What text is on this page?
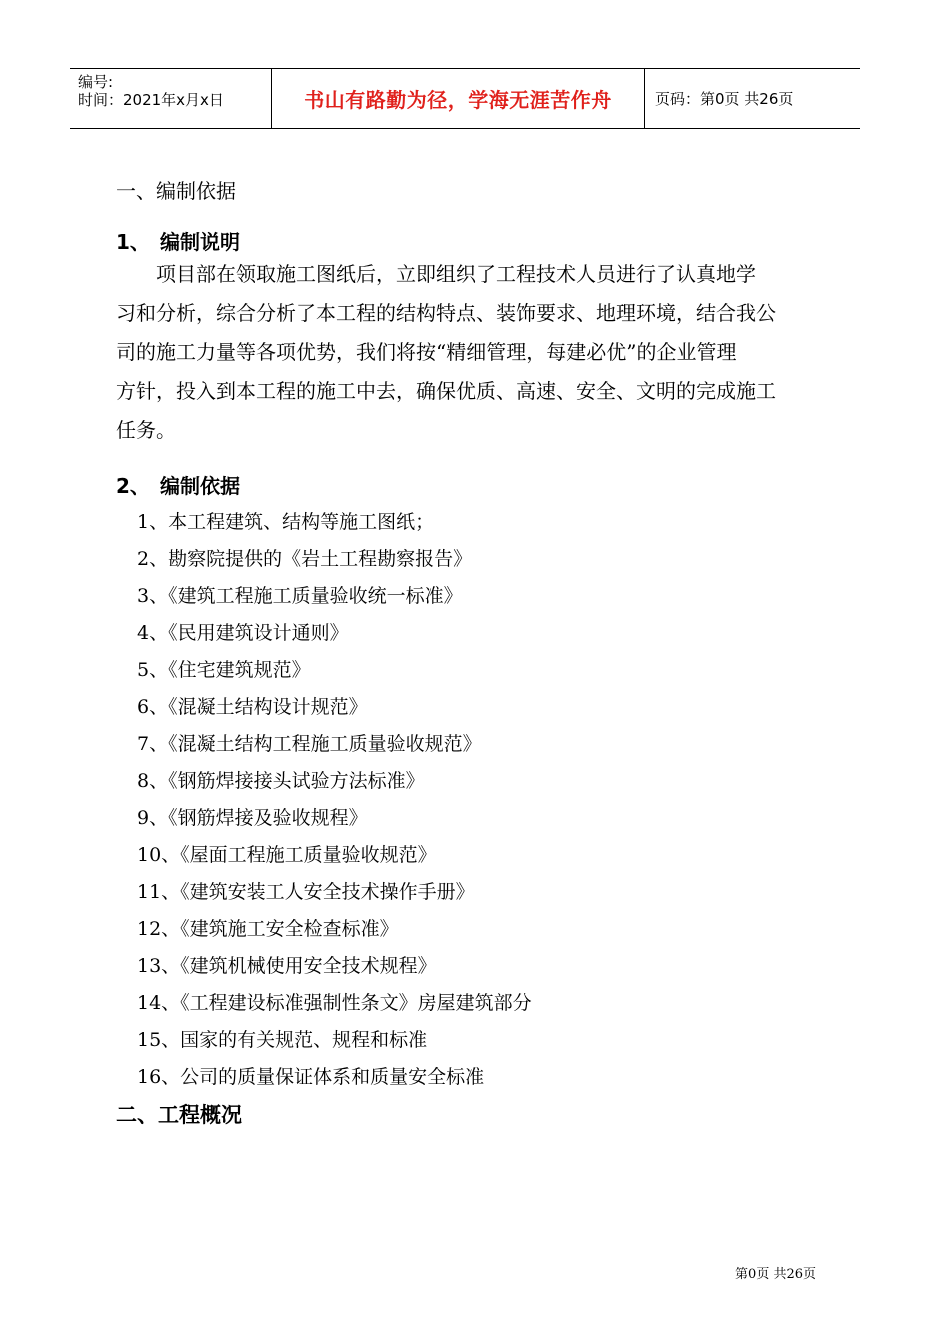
编号:
时间：2021年x月x日	书山有路勤为径，学海无涯苦作舟	页码：第0页 共26页
一、编制依据
1、 编制说明

　　项目部在领取施工图纸后，立即组织了工程技术人员进行了认真地学

习和分析，综合分析了本工程的结构特点、装饰要求、地理环境，结合我公

司的施工力量等各项优势，我们将按“精细管理，每建必优”的企业管理

方针，投入到本工程的施工中去，确保优质、高速、安全、文明的完成施工

任务。

2、 编制依据
1、本工程建筑、结构等施工图纸；
2、勘察院提供的《岩土工程勘察报告》
3、《建筑工程施工质量验收统一标准》
4、《民用建筑设计通则》
5、《住宅建筑规范》
6、《混凝土结构设计规范》
7、《混凝土结构工程施工质量验收规范》
8、《钢筋焊接接头试验方法标准》
9、《钢筋焊接及验收规程》
10、《屋面工程施工质量验收规范》
11、《建筑安装工人安全技术操作手册》
12、《建筑施工安全检查标准》
13、《建筑机械使用安全技术规程》
14、《工程建设标准强制性条文》房屋建筑部分
15、国家的有关规范、规程和标准
16、公司的质量保证体系和质量安全标准
二、工程概况
第0页 共26页
